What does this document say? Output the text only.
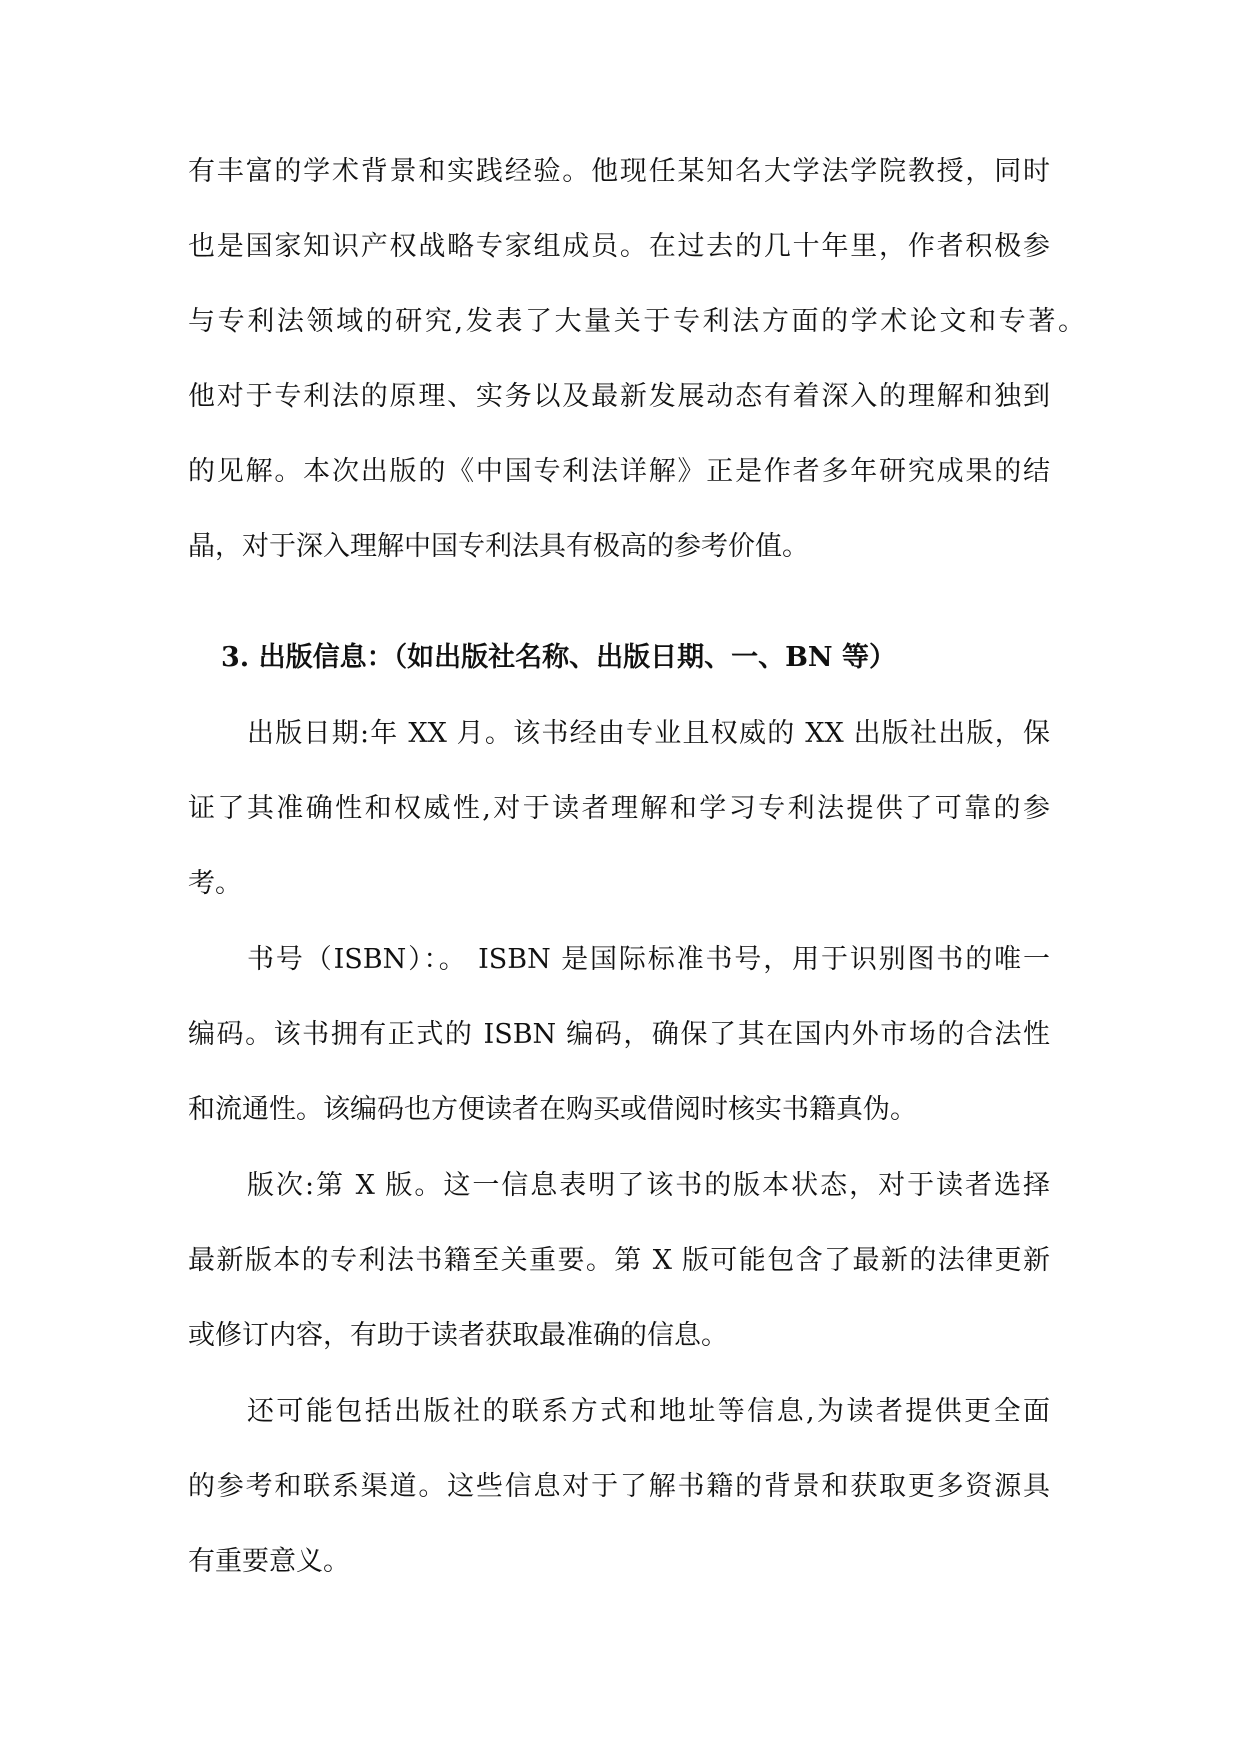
有丰富的学术背景和实践经验。他现任某知名大学法学院教授，同时
也是国家知识产权战略专家组成员。在过去的几十年里，作者积极参
与专利法领域的研究,发表了大量关于专利法方面的学术论文和专著。
他对于专利法的原理、实务以及最新发展动态有着深入的理解和独到
的见解。本次出版的《中国专利法详解》正是作者多年研究成果的结
晶，对于深入理解中国专利法具有极高的参考价值。
3. 出版信息：（如出版社名称、出版日期、一、BN 等）
出版日期:年 XX 月。该书经由专业且权威的 XX 出版社出版，保
证了其准确性和权威性,对于读者理解和学习专利法提供了可靠的参
考。
书号（ISBN）：。 ISBN 是国际标准书号，用于识别图书的唯一
编码。该书拥有正式的 ISBN 编码，确保了其在国内外市场的合法性
和流通性。该编码也方便读者在购买或借阅时核实书籍真伪。
版次:第 X 版。这一信息表明了该书的版本状态，对于读者选择
最新版本的专利法书籍至关重要。第 X 版可能包含了最新的法律更新
或修订内容，有助于读者获取最准确的信息。
还可能包括出版社的联系方式和地址等信息,为读者提供更全面
的参考和联系渠道。这些信息对于了解书籍的背景和获取更多资源具
有重要意义。
